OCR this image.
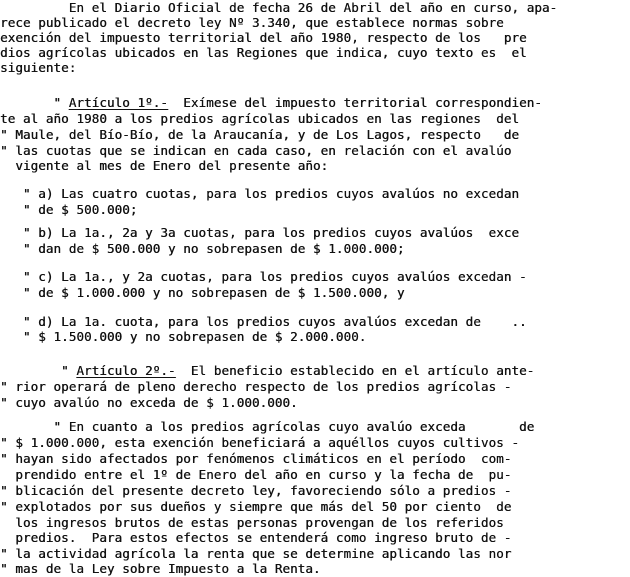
En el Diario Oficial de fecha 26 de Abril del año en curso, apa-
rece publicado el decreto ley Nº 3.340, que establece normas sobre
exención del impuesto territorial del año 1980, respecto de los   pre
dios agrícolas ubicados en las Regiones que indica, cuyo texto es  el
siguiente:
" Artículo 1º.-  Exímese del impuesto territorial correspondien-
te al año 1980 a los predios agrícolas ubicados en las regiones  del
" Maule, del Bío-Bío, de la Araucanía, y de Los Lagos, respecto   de
" las cuotas que se indican en cada caso, en relación con el avalúo
vigente al mes de Enero del presente año:
" a) Las cuatro cuotas, para los predios cuyos avalúos no excedan
" de $ 500.000;
" b) La 1a., 2a y 3a cuotas, para los predios cuyos avalúos  exce
" dan de $ 500.000 y no sobrepasen de $ 1.000.000;
" c) La 1a., y 2a cuotas, para los predios cuyos avalúos excedan -
" de $ 1.000.000 y no sobrepasen de $ 1.500.000, y
" d) La 1a. cuota, para los predios cuyos avalúos excedan de    ..
" $ 1.500.000 y no sobrepasen de $ 2.000.000.
" Artículo 2º.-  El beneficio establecido en el artículo ante-
" rior operará de pleno derecho respecto de los predios agrícolas -
" cuyo avalúo no exceda de $ 1.000.000.
" En cuanto a los predios agrícolas cuyo avalúo exceda       de
" $ 1.000.000, esta exención beneficiará a aquéllos cuyos cultivos -
" hayan sido afectados por fenómenos climáticos en el período  com-
prendido entre el 1º de Enero del año en curso y la fecha de  pu-
" blicación del presente decreto ley, favoreciendo sólo a predios -
" explotados por sus dueños y siempre que más del 50 por ciento  de
los ingresos brutos de estas personas provengan de los referidos
predios.  Para estos efectos se entenderá como ingreso bruto de -
" la actividad agrícola la renta que se determine aplicando las nor
" mas de la Ley sobre Impuesto a la Renta.
